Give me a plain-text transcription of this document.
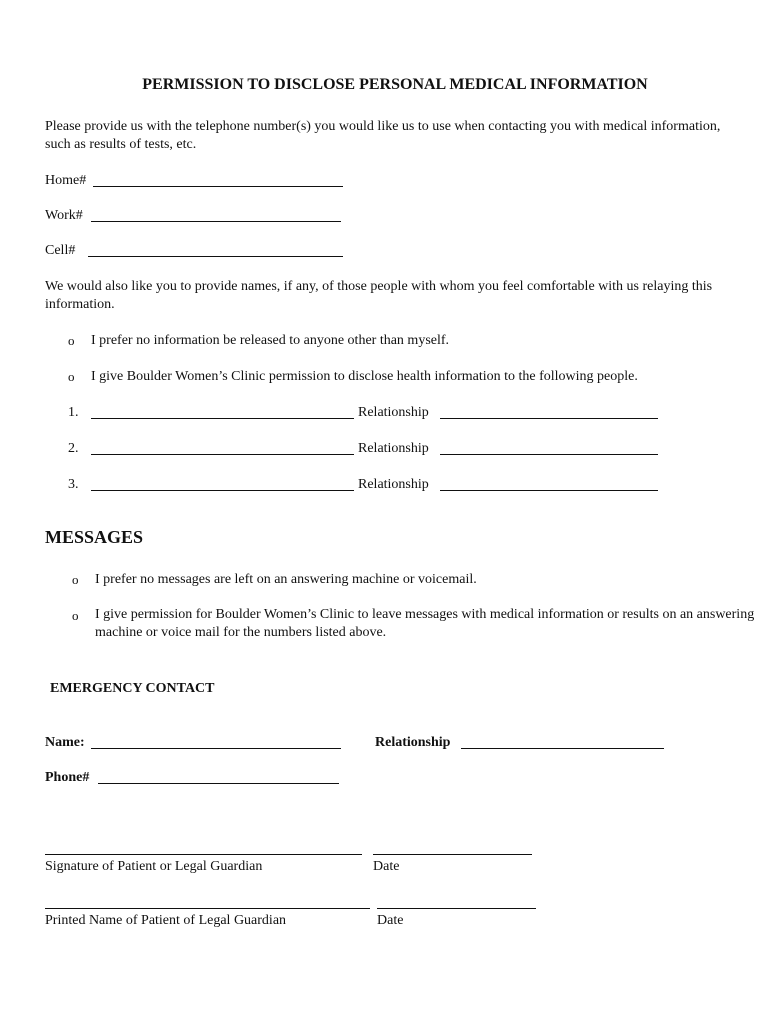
PERMISSION TO DISCLOSE PERSONAL MEDICAL INFORMATION
Please provide us with the telephone number(s) you would like us to use when contacting you with medical information, such as results of tests, etc.
Home#
Work#
Cell#
We would also like you to provide names, if any, of those people with whom you feel comfortable with us relaying this information.
o I prefer no information be released to anyone other than myself.
o I give Boulder Women’s Clinic permission to disclose health information to the following people.
1.	Relationship
2.	Relationship
3.	Relationship
MESSAGES
o I prefer no messages are left on an answering machine or voicemail.
o I give permission for Boulder Women’s Clinic to leave messages with medical information or results on an answering machine or voice mail for the numbers listed above.
EMERGENCY CONTACT
Name:	Relationship
Phone#
Signature of Patient or Legal Guardian	Date
Printed Name of Patient of Legal Guardian	Date
